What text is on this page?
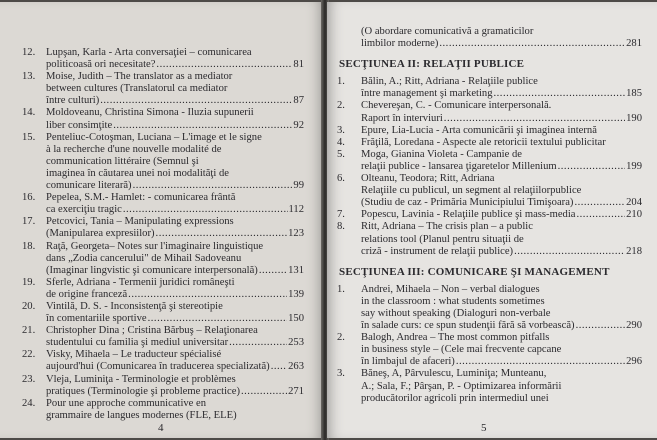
12.	Lupşan, Karla - Arta conversaţiei – comunicarea
politicoasă ori necesitate? .....	81
13.	Moise, Judith – The translator as a mediator
between cultures (Translatorul ca mediator
între culturi) .....	87
14.	Moldoveanu, Christina Simona - Iluzia supunerii
liber consimţite .....	92
15.	Penteliuc-Cotoşman, Luciana – L'image et le signe
à la recherche d'une nouvelle modalité de
communication littéraire (Semnul şi
imaginea în căutarea unei noi modalităţi de
comunicare literară) .....	99
16.	Pepelea, S.M.- Hamlet: - comunicarea frântă
ca exerciţiu tragic .....	112
17.	Petcovici, Tania – Manipulating expressions
(Manipularea expresiilor) .....	123
18.	Raţă, Georgeta– Notes sur l'imaginaire linguistique
dans „Zodia cancerului" de Mihail Sadoveanu
(Imaginar lingvistic şi comunicare interpersonală) .....	131
19.	Sferle, Adriana - Termenii juridici româneşti
de origine franceză .....	139
20.	Vintilă, D. S. - Inconsistenţă şi stereotipie
în comentariile sportive .....	150
21.	Christopher Dina ; Cristina Bărbuş – Relaţionarea
studentului cu familia şi mediul universitar .....	253
22.	Visky, Mihaela – Le traducteur spécialisé
aujourd'hui (Comunicarea în traducerea specializată) ..... 263
23.	Vleja, Luminiţa - Terminologie et problèmes
pratiques (Terminologie şi probleme practice) .....	271
24.	Pour une approche communicative en
grammaire de langues modernes (FLE, ELE)
4
(O abordare comunicativă a gramaticilor
limbilor moderne) .....	281
SECŢIUNEA II: RELAŢII PUBLICE
1.	Bălin, A.; Ritt, Adriana - Relaţiile publice
între management şi marketing .....	185
2.	Chevereşan, C. - Comunicare interpersonală.
Raport în interviuri .....	190
3.	Epure, Lia-Lucia - Arta comunicării şi imaginea internă
4.	Frăţilă, Loredana - Aspecte ale retoricii textului publicitar
5.	Moga, Gianina Violeta - Campanie de
relaţii publice - lansarea ţigaretelor Millenium .....	199
6.	Olteanu, Teodora; Ritt, Adriana
Relaţiile cu publicul, un segment al relaţiilorpublice
(Studiu de caz - Primăria Municipiului Timişoara) .....	204
7.	Popescu, Lavinia - Relaţiile publice şi mass-media .....	210
8.	Ritt, Adriana – The crisis plan – a public
relations tool (Planul pentru situaţii de
criză - instrument de relaţii publice) .....	218
SECŢIUNEA III: COMUNICARE ŞI MANAGEMENT
1.	Andrei, Mihaela – Non – verbal dialogues
in the classroom : what students sometimes
say without speaking (Dialoguri non-verbale
în salade curs: ce spun studenţii fără să vorbească) .....	290
2.	Balogh, Andrea – The most common pitfalls
in business style – (Cele mai frecvente capcane
în limbajul de afaceri) .....	296
3.	Băneş, A, Pârvulescu, Luminiţa; Munteanu,
A.; Sala, F.; Pârşan, P. - Optimizarea informării
producătorilor agricoli prin intermediul unei
5
